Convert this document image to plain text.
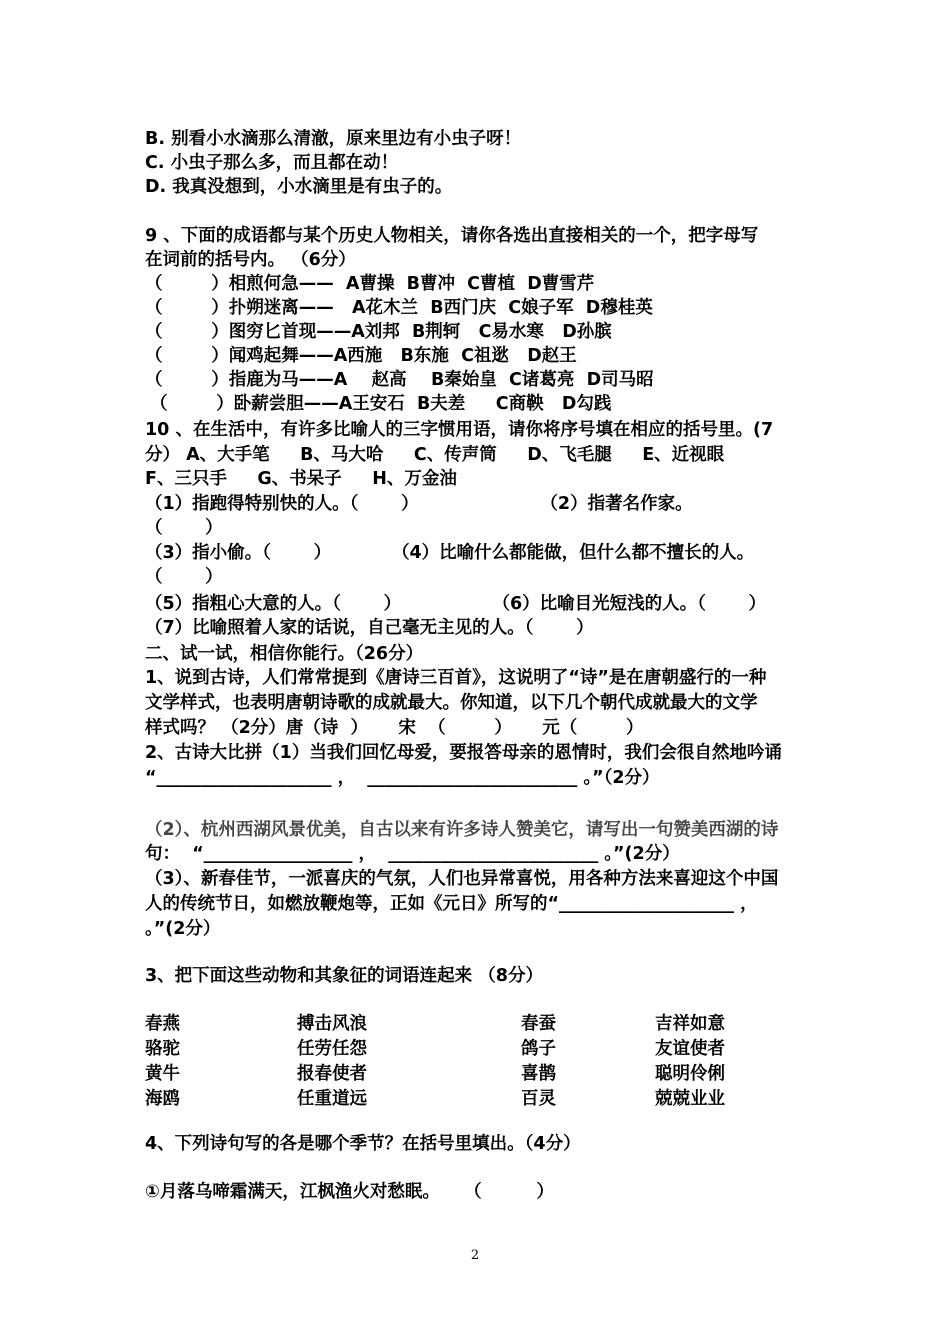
B. 别看小水滴那么清澈，原来里边有小虫子呀！
C. 小虫子那么多，而且都在动！
D. 我真没想到，小水滴里是有虫子的。
9 、下面的成语都与某个历史人物相关，请你各选出直接相关的一个，把字母写
在词前的括号内。 （6分）
（        ）相煎何急——  A曹操  B曹冲  C曹植  D曹雪芹
（        ）扑朔迷离——   A花木兰  B西门庆  C娘子军  D穆桂英
（        ）图穷匕首现——A刘邦  B荆轲   C易水寒   D孙膑
（        ）闻鸡起舞——A西施   B东施  C祖逖   D赵王
（        ）指鹿为马——A    赵高    B秦始皇  C诸葛亮  D司马昭
（        ）卧薪尝胆——A王安石  B夫差     C商鞅   D勾践
10 、在生活中，有许多比喻人的三字惯用语，请你将序号填在相应的括号里。(7
分） A、大手笔     B、马大哈     C、传声筒     D、飞毛腿     E、近视眼
F、三只手     G、书呆子     H、万金油
（1）指跑得特别快的人。（       ）                    （2）指著名作家。
（       ）
（3）指小偷。（       ）          （4）比喻什么都能做，但什么都不擅长的人。
（       ）
（5）指粗心大意的人。（       ）               （6）比喻目光短浅的人。（       ）
（7）比喻照着人家的话说，自己毫无主见的人。（       ）
二、试一试，相信你能行。（26分）
1、说到古诗，人们常常提到《唐诗三百首》，这说明了“诗”是在唐朝盛行的一种
文学样式，也表明唐朝诗歌的成就最大。你知道，以下几个朝代成就最大的文学
样式吗？ （2分）唐（诗  ）     宋  （        ）     元（        ）
2、古诗大比拼（1）当我们回忆母爱，要报答母亲的恩情时，我们会很自然地吟诵
“____________________ ，  ________________________ 。”（2分）
（2）、杭州西湖风景优美，自古以来有许多诗人赞美它，请写出一句赞美西湖的诗
句：  “_________________ ，  ________________________ 。”(2分）
（3）、新春佳节，一派喜庆的气氛，人们也异常喜悦，用各种方法来喜迎这个中国
人的传统节日，如燃放鞭炮等，正如《元日》所写的“____________________ ，
。”(2分）
3、把下面这些动物和其象征的词语连起来 （8分）
春燕	搏击风浪	春蚕	吉祥如意
骆驼	任劳任怨	鸽子	友谊使者
黄牛	报春使者	喜鹊	聪明伶俐
海鸥	任重道远	百灵	兢兢业业
4、下列诗句写的各是哪个季节？在括号里填出。（4分）
①月落乌啼霜满天，江枫渔火对愁眠。    （         ）
2
